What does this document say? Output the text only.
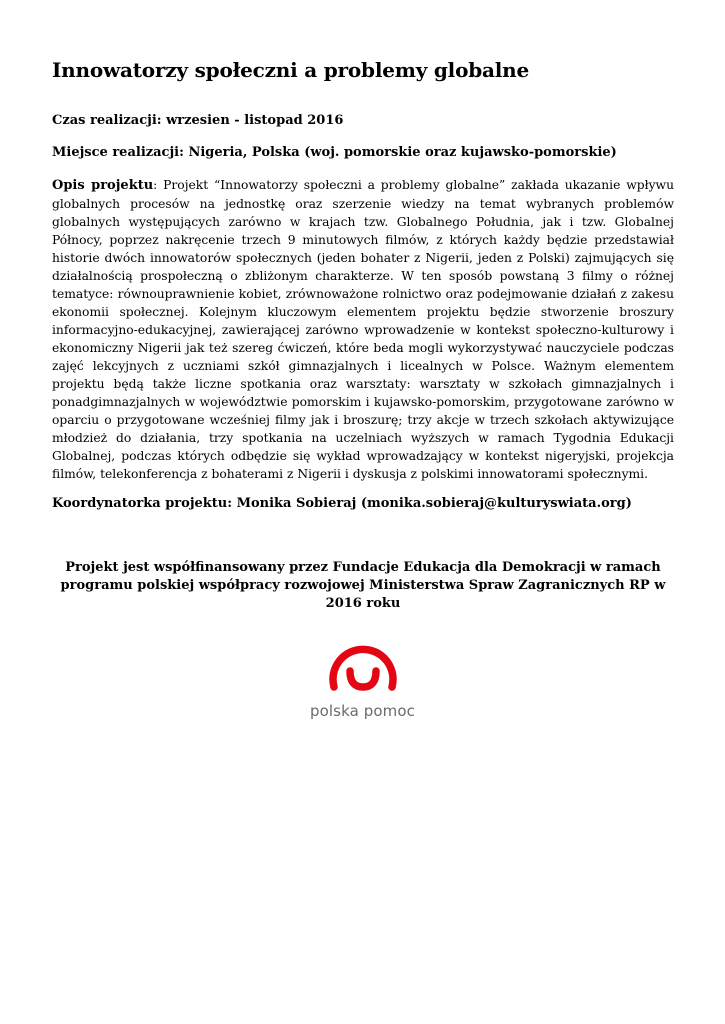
Innowatorzy społeczni a problemy globalne

Czas realizacji: wrzesien - listopad 2016

Miejsce realizacji: Nigeria, Polska (woj. pomorskie oraz kujawsko-pomorskie)

Opis projektu: Projekt “Innowatorzy społeczni a problemy globalne” zakłada ukazanie wpływu globalnych procesów na jednostkę oraz szerzenie wiedzy na temat wybranych problemów globalnych występujących zarówno w krajach tzw. Globalnego Południa, jak i tzw. Globalnej Północy, poprzez nakręcenie trzech 9 minutowych filmów, z których każdy będzie przedstawiał historie dwóch innowatorów społecznych (jeden bohater z Nigerii, jeden z Polski) zajmujących się działalnością prospołeczną o zbliżonym charakterze. W ten sposób powstaną 3 filmy o różnej tematyce: równouprawnienie kobiet, zrównoważone rolnictwo oraz podejmowanie działań z zakesu ekonomii społecznej. Kolejnym kluczowym elementem projektu będzie stworzenie broszury informacyjno-edukacyjnej, zawierającej zarówno wprowadzenie w kontekst społeczno-kulturowy i ekonomiczny Nigerii jak też szereg ćwiczeń, które beda mogli wykorzystywać nauczyciele podczas zajęć lekcyjnych z uczniami szkół gimnazjalnych i licealnych w Polsce. Ważnym elementem projektu będą także liczne spotkania oraz warsztaty: warsztaty w szkołach gimnazjalnych i ponadgimnazjalnych w województwie pomorskim i kujawsko-pomorskim, przygotowane zarówno w oparciu o przygotowane wcześniej filmy jak i broszurę; trzy akcje w trzech szkołach aktywizujące młodzież do działania, trzy spotkania na uczelniach wyższych w ramach Tygodnia Edukacji Globalnej, podczas których odbędzie się wykład wprowadzający w kontekst nigeryjski, projekcja filmów, telekonferencja z bohaterami z Nigerii i dyskusja z polskimi innowatorami społecznymi.

Koordynatorka projektu: Monika Sobieraj (monika.sobieraj@kulturyswiata.org)

Projekt jest współfinansowany przez Fundacje Edukacja dla Demokracji w ramach programu polskiej współpracy rozwojowej Ministerstwa Spraw Zagranicznych RP w 2016 roku

polska pomoc
